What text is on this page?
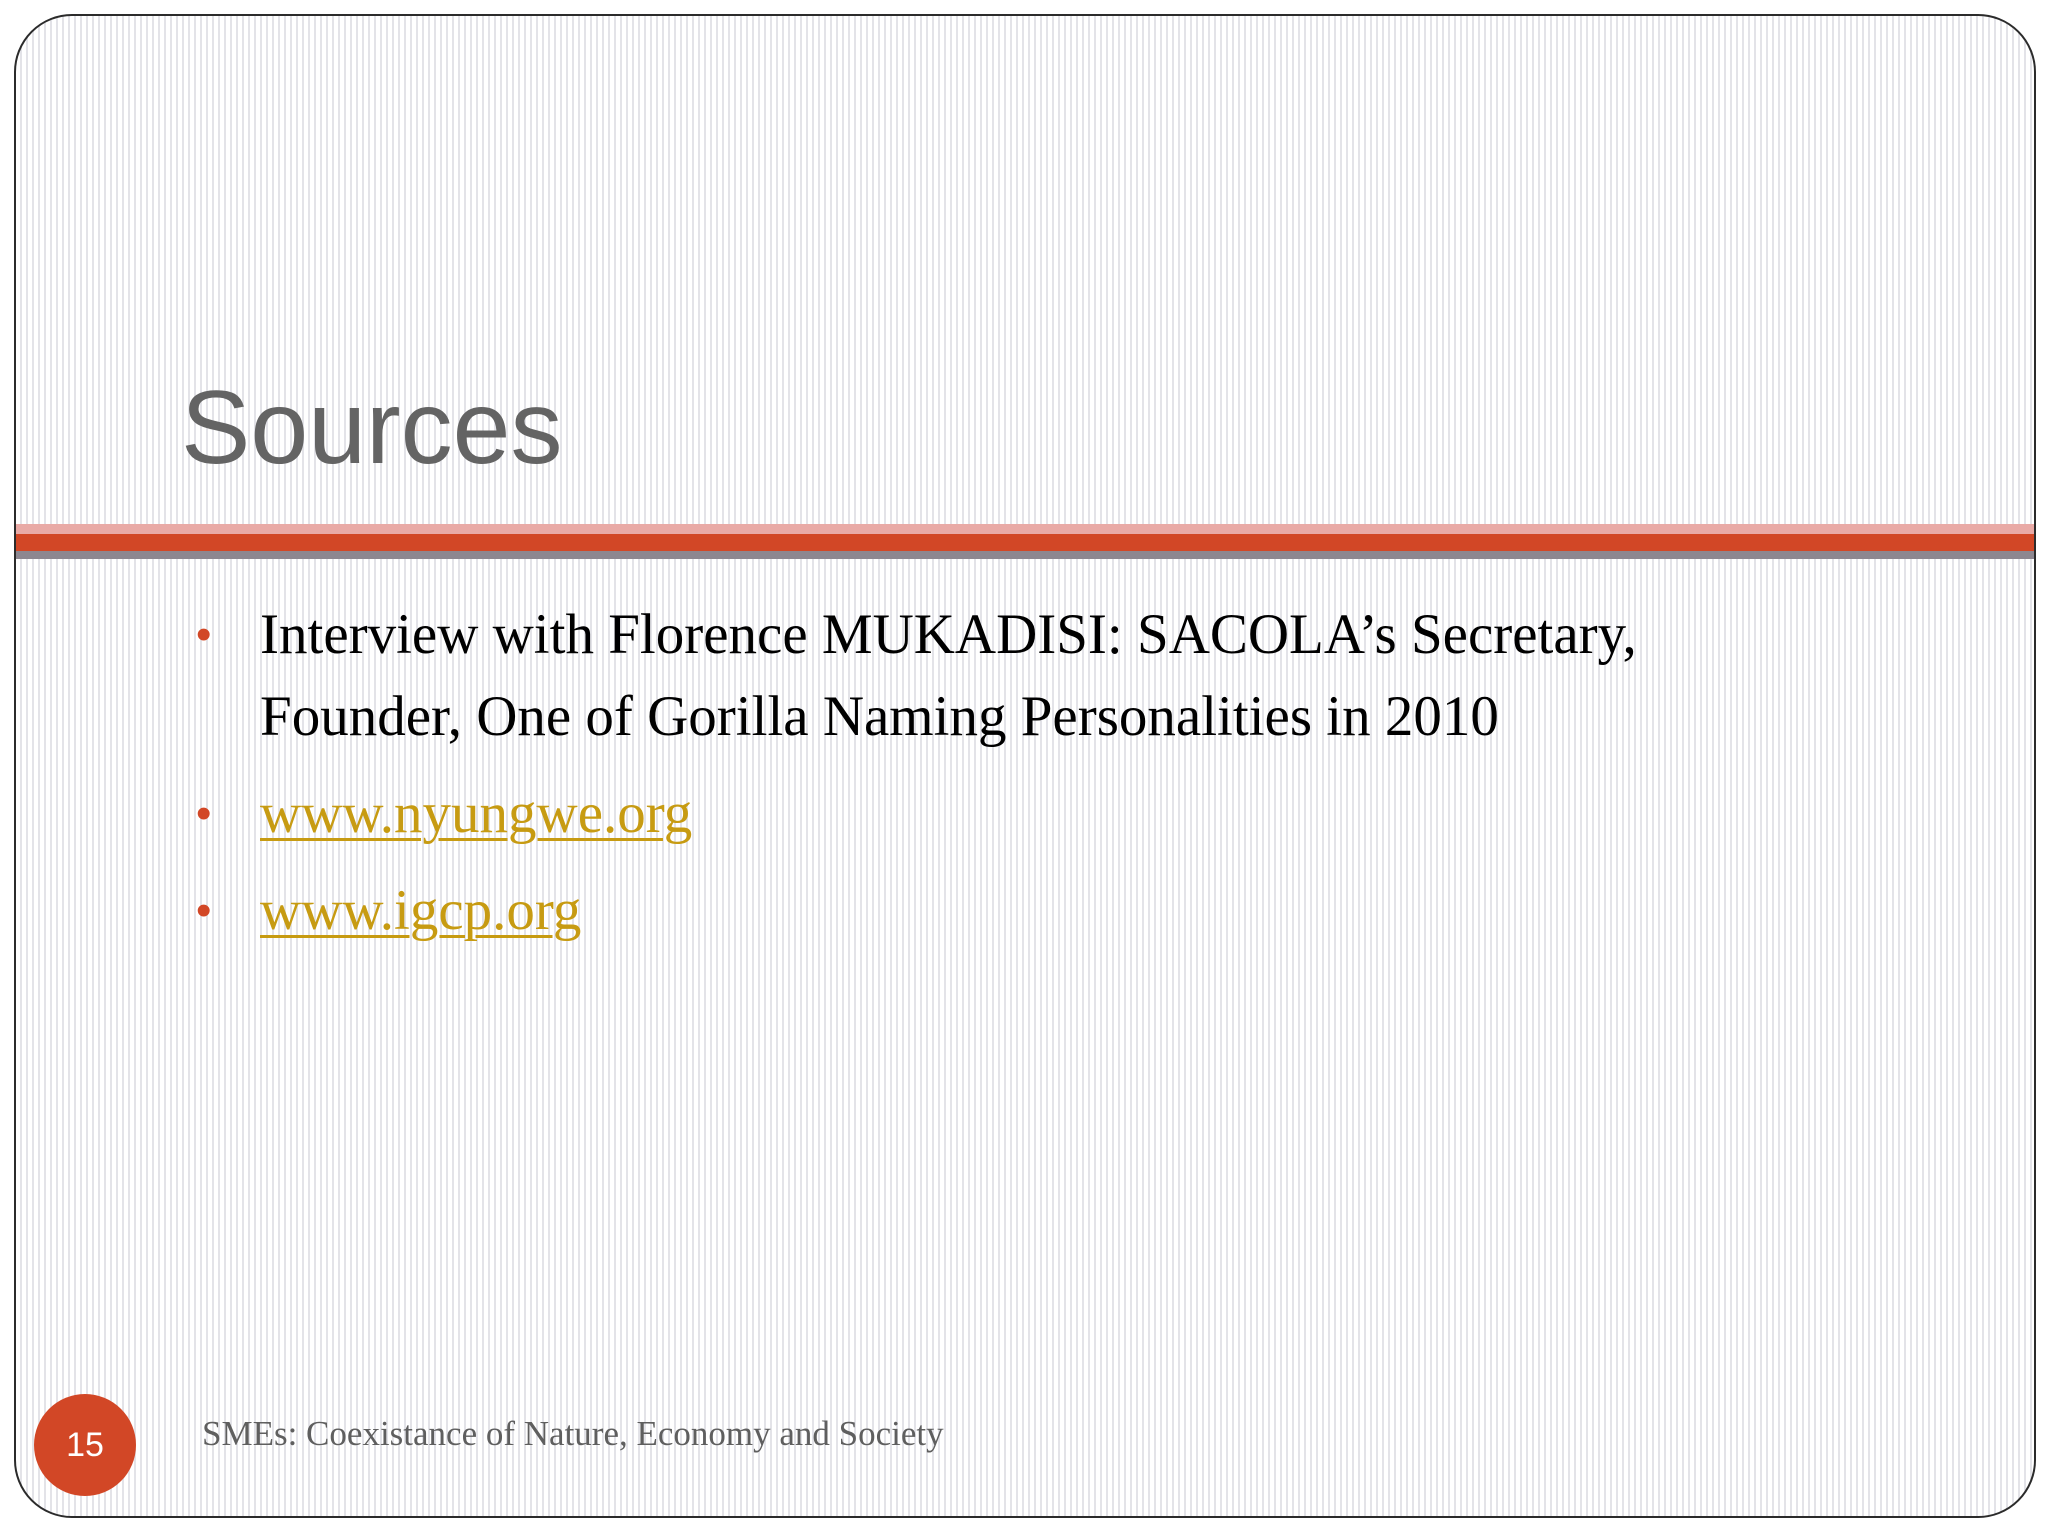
Sources
• Interview with Florence MUKADISI: SACOLA’s Secretary, Founder, One of Gorilla Naming Personalities in 2010
• www.nyungwe.org
• www.igcp.org
15	SMEs: Coexistance of Nature, Economy and Society
